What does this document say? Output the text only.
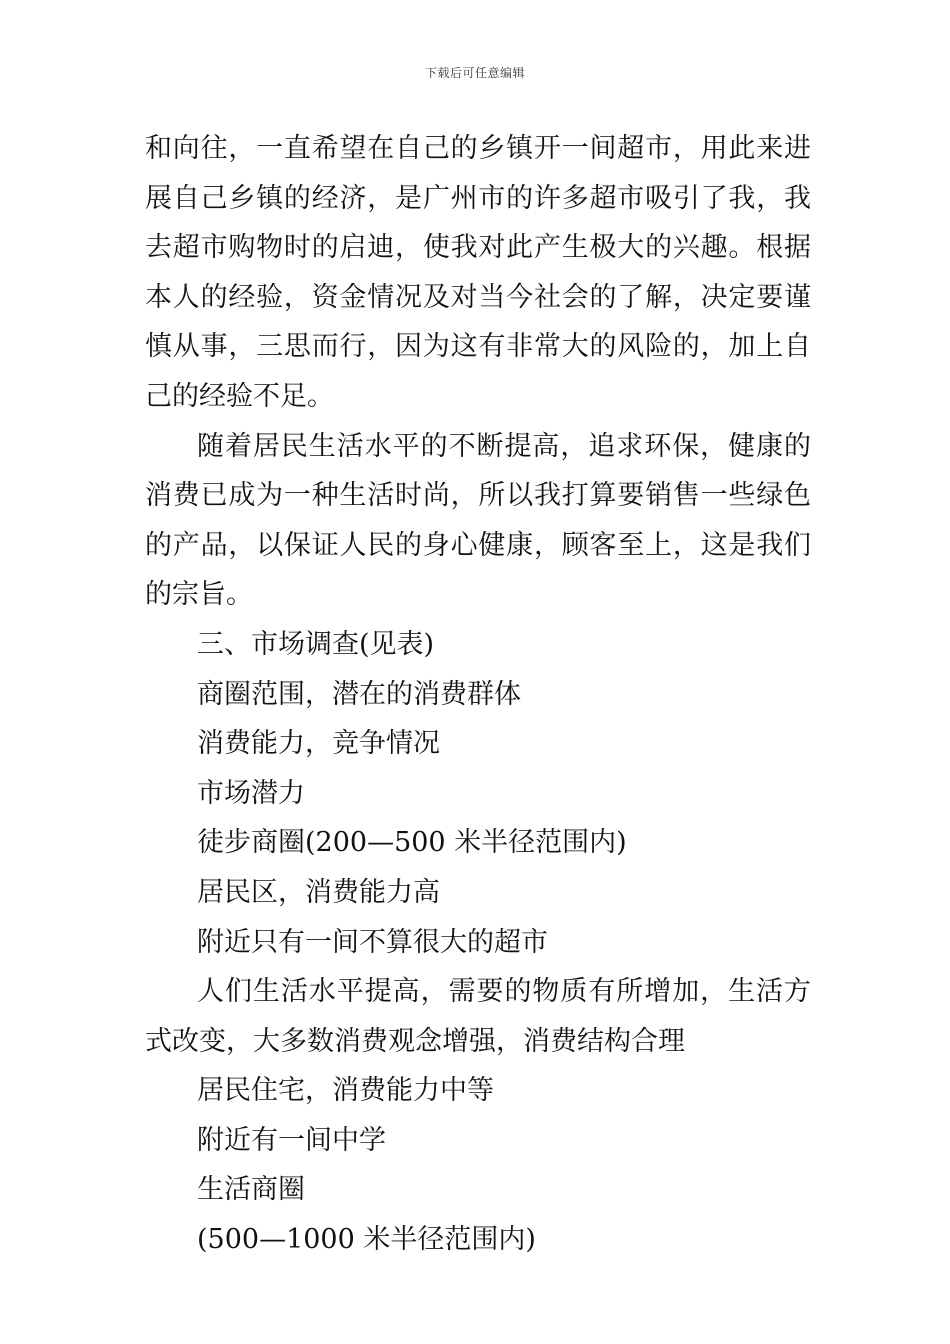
下载后可任意编辑

和向往，一直希望在自己的乡镇开一间超市，用此来进展自己乡镇的经济，是广州市的许多超市吸引了我，我去超市购物时的启迪，使我对此产生极大的兴趣。根据本人的经验，资金情况及对当今社会的了解，决定要谨慎从事，三思而行，因为这有非常大的风险的，加上自己的经验不足。

随着居民生活水平的不断提高，追求环保，健康的消费已成为一种生活时尚，所以我打算要销售一些绿色的产品，以保证人民的身心健康，顾客至上，这是我们的宗旨。

三、市场调查(见表)

商圈范围，潜在的消费群体

消费能力，竞争情况

市场潜力

徒步商圈(200—500 米半径范围内)

居民区，消费能力高

附近只有一间不算很大的超市

人们生活水平提高，需要的物质有所增加，生活方式改变，大多数消费观念增强，消费结构合理

居民住宅，消费能力中等

附近有一间中学

生活商圈

(500—1000 米半径范围内)
